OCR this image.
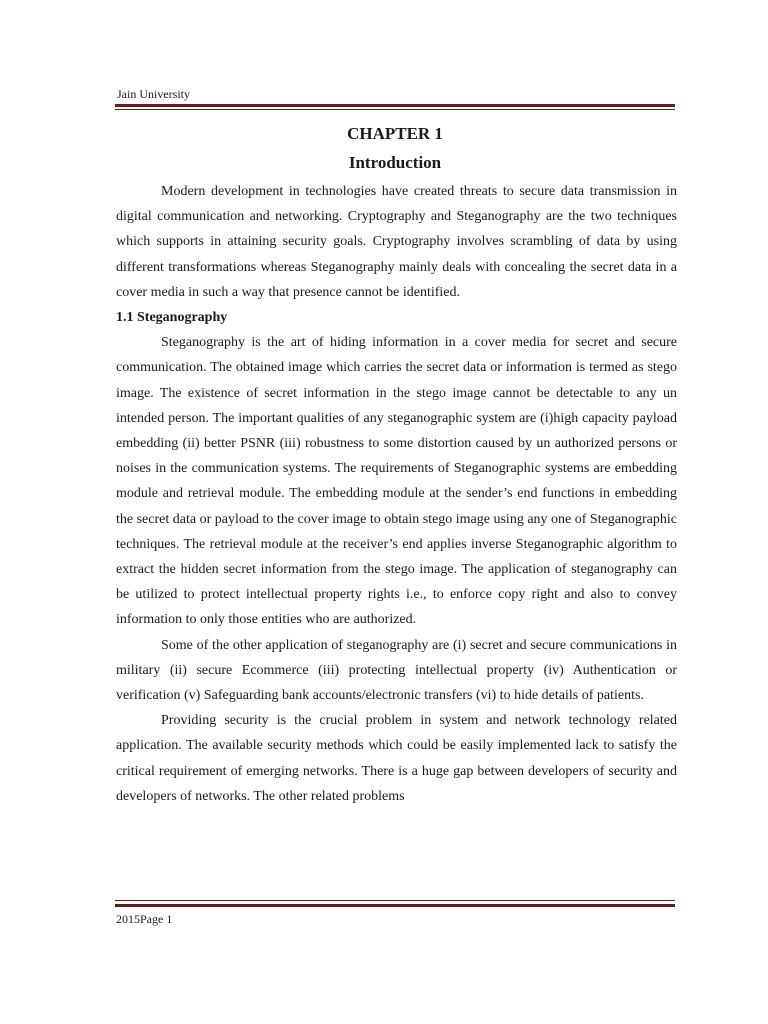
Jain University
CHAPTER 1
Introduction

Modern development in technologies have created threats to secure data transmission in digital communication and networking. Cryptography and Steganography are the two techniques which supports in attaining security goals. Cryptography involves scrambling of data by using different transformations whereas Steganography mainly deals with concealing the secret data in a cover media in such a way that presence cannot be identified.

1.1 Steganography

Steganography is the art of hiding information in a cover media for secret and secure communication. The obtained image which carries the secret data or information is termed as stego image. The existence of secret information in the stego image cannot be detectable to any un intended person. The important qualities of any steganographic system are (i)high capacity payload embedding (ii) better PSNR (iii) robustness to some distortion caused by un authorized persons or noises in the communication systems. The requirements of Steganographic systems are embedding module and retrieval module. The embedding module at the sender’s end functions in embedding the secret data or payload to the cover image to obtain stego image using any one of Steganographic techniques. The retrieval module at the receiver’s end applies inverse Steganographic algorithm to extract the hidden secret information from the stego image. The application of steganography can be utilized to protect intellectual property rights i.e., to enforce copy right and also to convey information to only those entities who are authorized.

Some of the other application of steganography are (i) secret and secure communications in military (ii) secure Ecommerce (iii) protecting intellectual property (iv) Authentication or verification (v) Safeguarding bank accounts/electronic transfers (vi) to hide details of patients.

Providing security is the crucial problem in system and network technology related application. The available security methods which could be easily implemented lack to satisfy the critical requirement of emerging networks. There is a huge gap between developers of security and developers of networks. The other related problems

2015Page 1
